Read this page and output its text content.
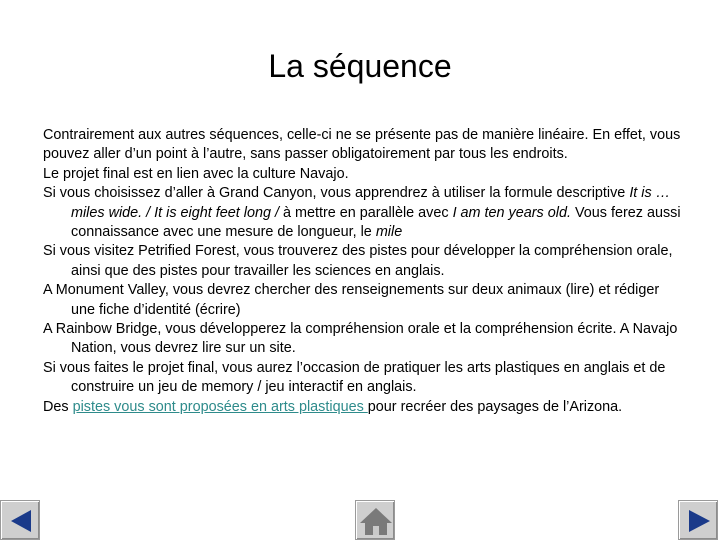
La séquence

Contrairement aux autres séquences, celle-ci ne se présente pas de manière linéaire. En effet, vous pouvez aller d’un point à l’autre, sans passer obligatoirement par tous les endroits.

Le projet final est en lien avec la culture Navajo.

Si vous choisissez d’aller à Grand Canyon, vous apprendrez à utiliser la formule descriptive It is … miles wide. / It is eight feet long / à mettre en parallèle avec I am ten years old. Vous ferez aussi connaissance avec une mesure de longueur, le mile

Si vous visitez Petrified Forest, vous trouverez des pistes pour développer la compréhension orale, ainsi que des pistes pour travailler les sciences en anglais.

A Monument Valley, vous devrez chercher des renseignements sur deux animaux (lire) et rédiger une fiche d’identité (écrire)

A Rainbow Bridge, vous développerez la compréhension orale et la compréhension écrite. A Navajo Nation, vous devrez lire sur un site.

Si vous faites le projet final, vous aurez l’occasion de pratiquer les arts plastiques en anglais et de construire un jeu de memory / jeu interactif en anglais.

Des pistes vous sont proposées en arts plastiques pour recréer des paysages de l’Arizona.
